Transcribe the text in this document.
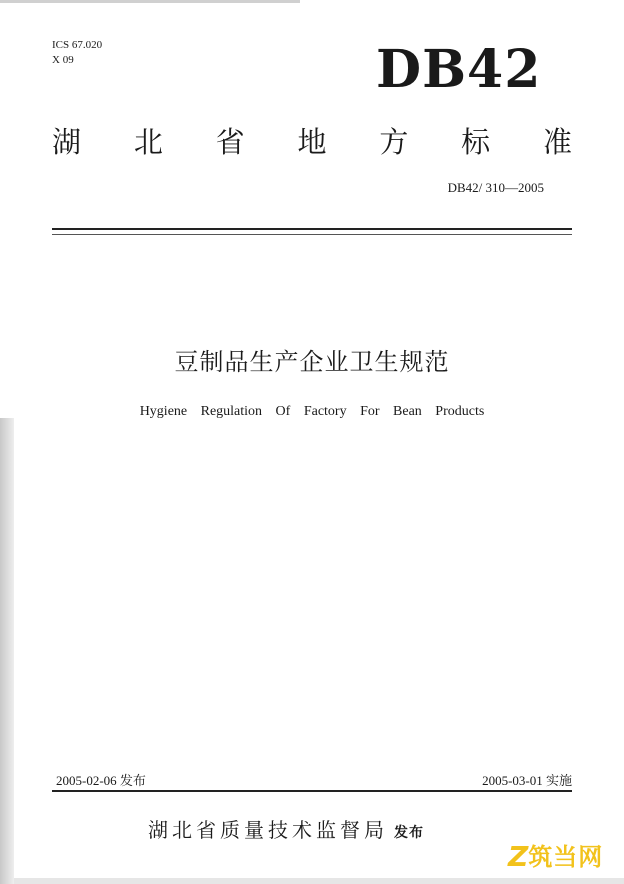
ICS 67.020
X 09	DB42
湖 北 省 地 方 标 准
DB42/ 310—2005
豆制品生产企业卫生规范
Hygiene Regulation Of Factory For Bean Products
2005-02-06 发布	2005-03-01 实施
湖北省质量技术监督局 发布
Z 筑当网
